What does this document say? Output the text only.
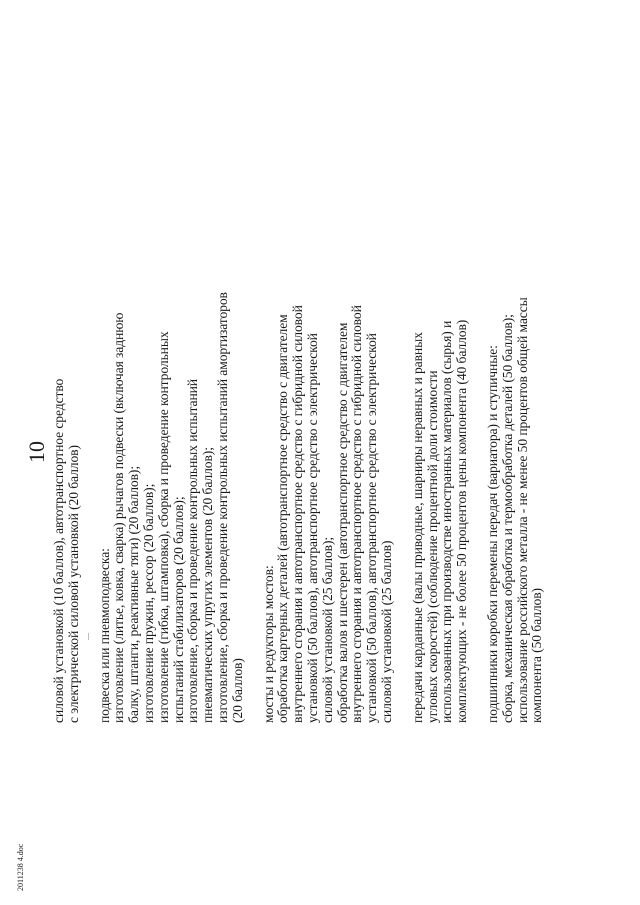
10 силовой установкой (10 баллов), автотранспортное средство с электрической силовой установкой (20 баллов) подвеска или пневмоподвеска: изготовление (литье, ковка, сварка) рычагов подвески (включая заднюю балку, штанги, реактивные тяги) (20 баллов); изготовление пружин, рессор (20 баллов); изготовление (гибка, штамповка), сборка и проведение контрольных испытаний стабилизаторов (20 баллов); изготовление, сборка и проведение контрольных испытаний пневматических упругих элементов (20 баллов); изготовление, сборка и проведение контрольных испытаний амортизаторов (20 баллов) мосты и редукторы мостов: обработка картерных деталей (автотранспортное средство с двигателем внутреннего сгорания и автотранспортное средство с гибридной силовой установкой (50 баллов), автотранспортное средство с электрической силовой установкой (25 баллов); обработка валов и шестерен (автотранспортное средство с двигателем внутреннего сгорания и автотранспортное средство с гибридной силовой установкой (50 баллов), автотранспортное средство с электрической силовой установкой (25 баллов) передачи карданные (валы приводные, шарниры неравных и равных угловых скоростей) (соблюдение процентной доли стоимости использованных при производстве иностранных материалов (сырья) и комплектующих - не более 50 процентов цены компонента (40 баллов) подшипники коробки перемены передач (вариатора) и ступичные: сборка, механическая обработка и термообработка деталей (50 баллов); использование российского металла - не менее 50 процентов общей массы компонента (50 баллов)
2011238 4.doc
